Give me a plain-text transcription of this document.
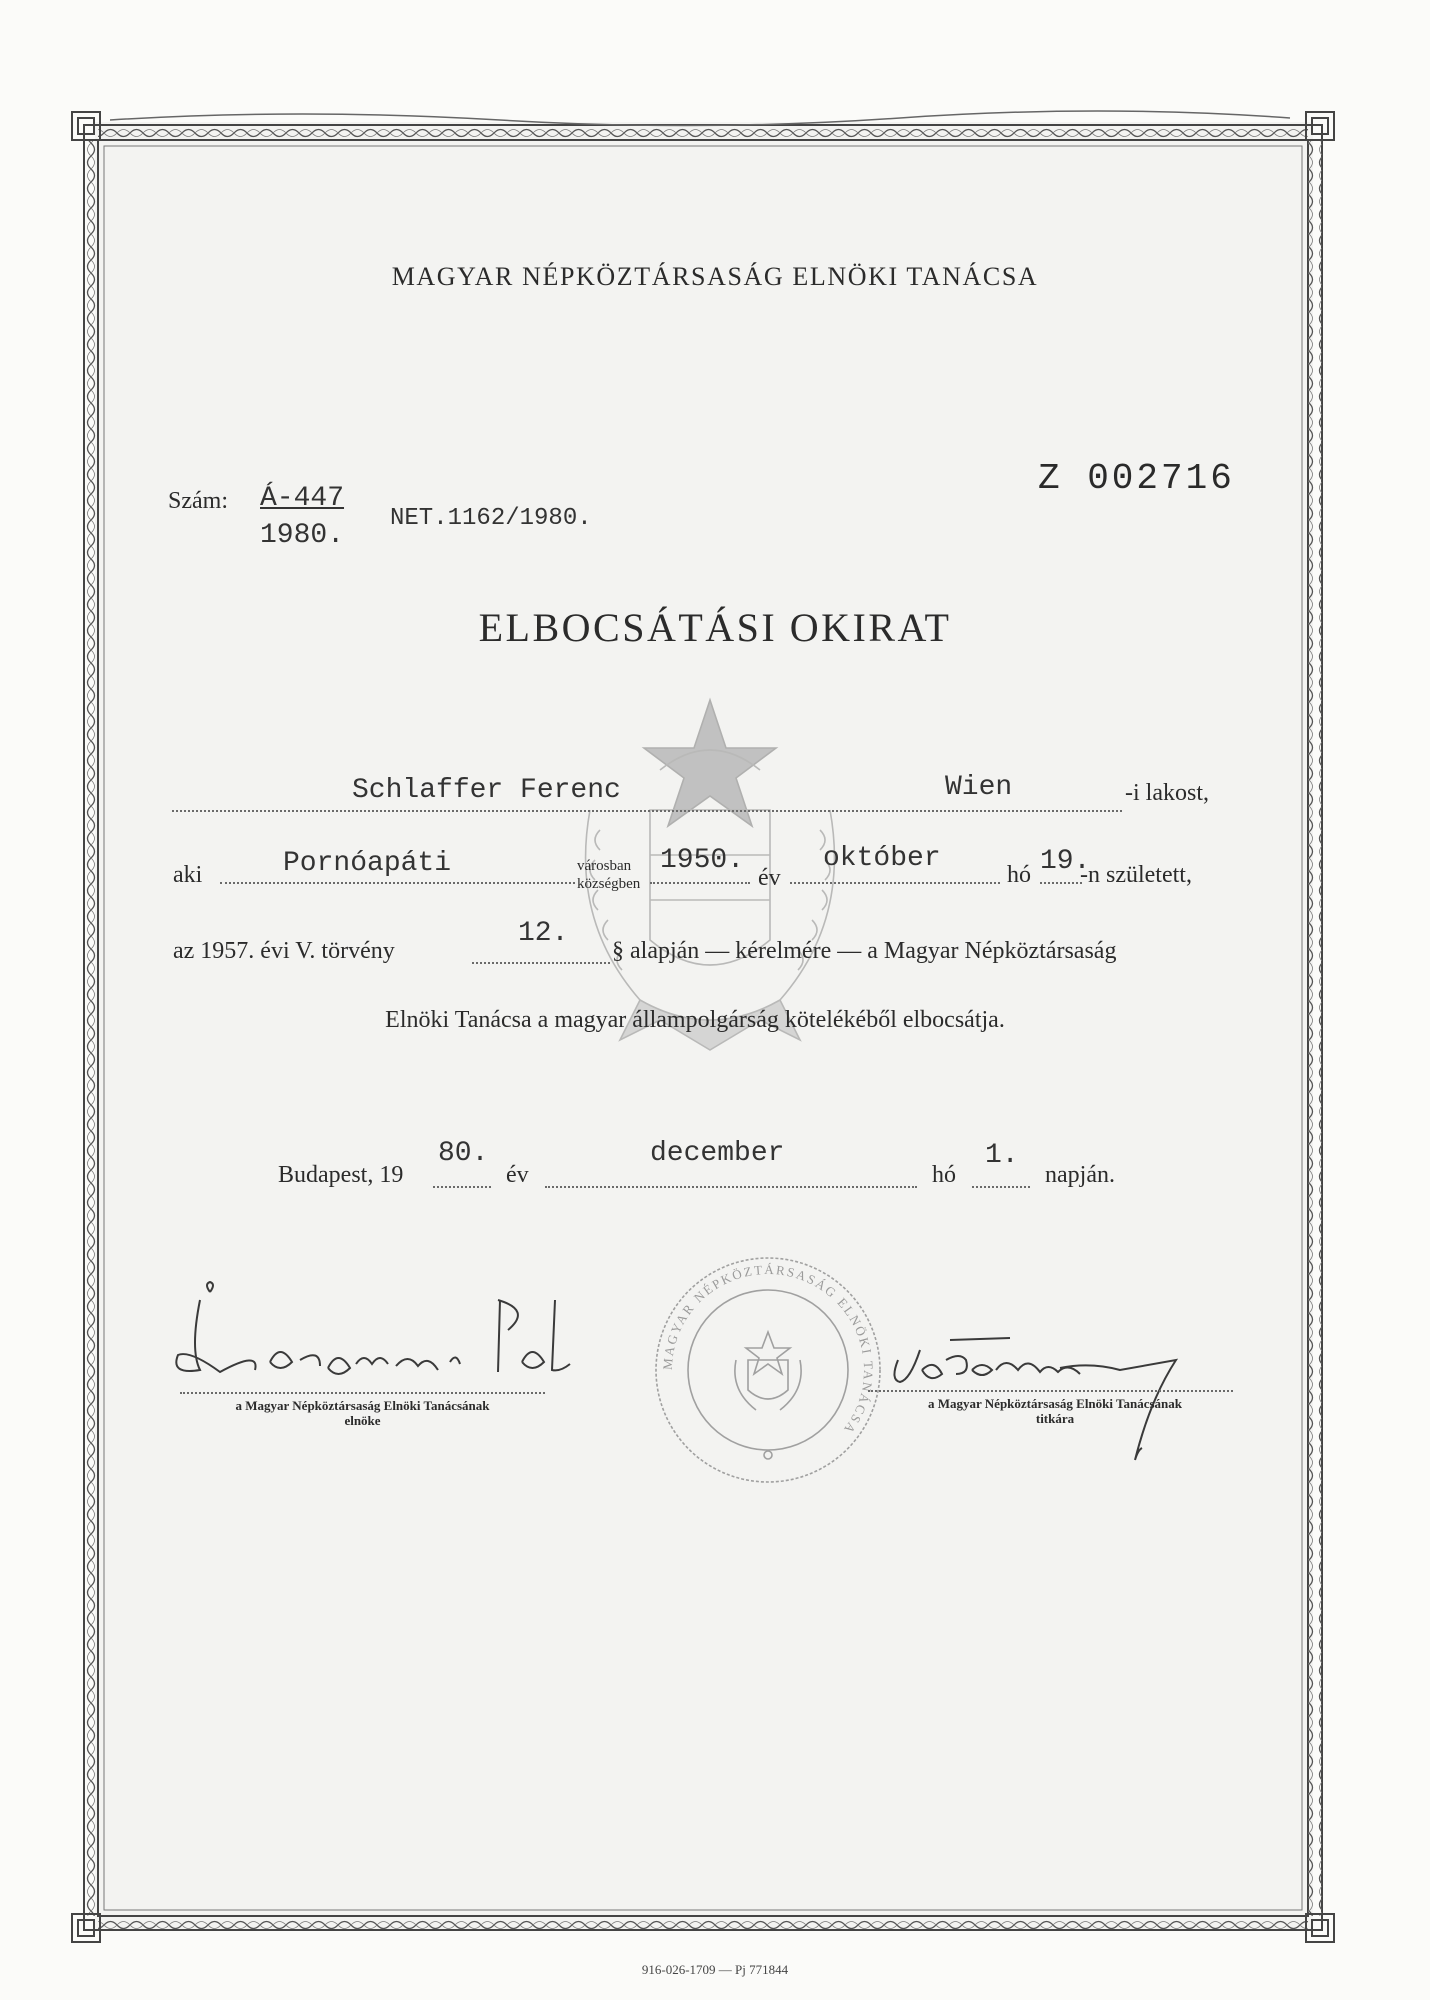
MAGYAR NÉPKÖZTÁRSASÁG ELNÖKI TANÁCSA
Z 002716
Szám: Á-447
1980.
NET.1162/1980.
ELBOCSÁTÁSI OKIRAT
Schlaffer Ferenc	Wien	-i lakost,
aki	Pornóapáti	városban
községben
1950.
év
október
hó 19.
-n született,
az 1957. évi V. törvény
12.
§ alapján — kérelmére — a Magyar Népköztársaság
Elnöki Tanácsa a magyar állampolgárság kötelékéből elbocsátja.
Budapest, 19
80.
év
december
hó
1.
napján.
a Magyar Népköztársaság Elnöki Tanácsának
elnöke
MAGYAR NÉPKÖZTÁRSASÁG ELNÖKI TANÁCSA
a Magyar Népköztársaság Elnöki Tanácsának
titkára
916-026-1709 — Pj 771844
